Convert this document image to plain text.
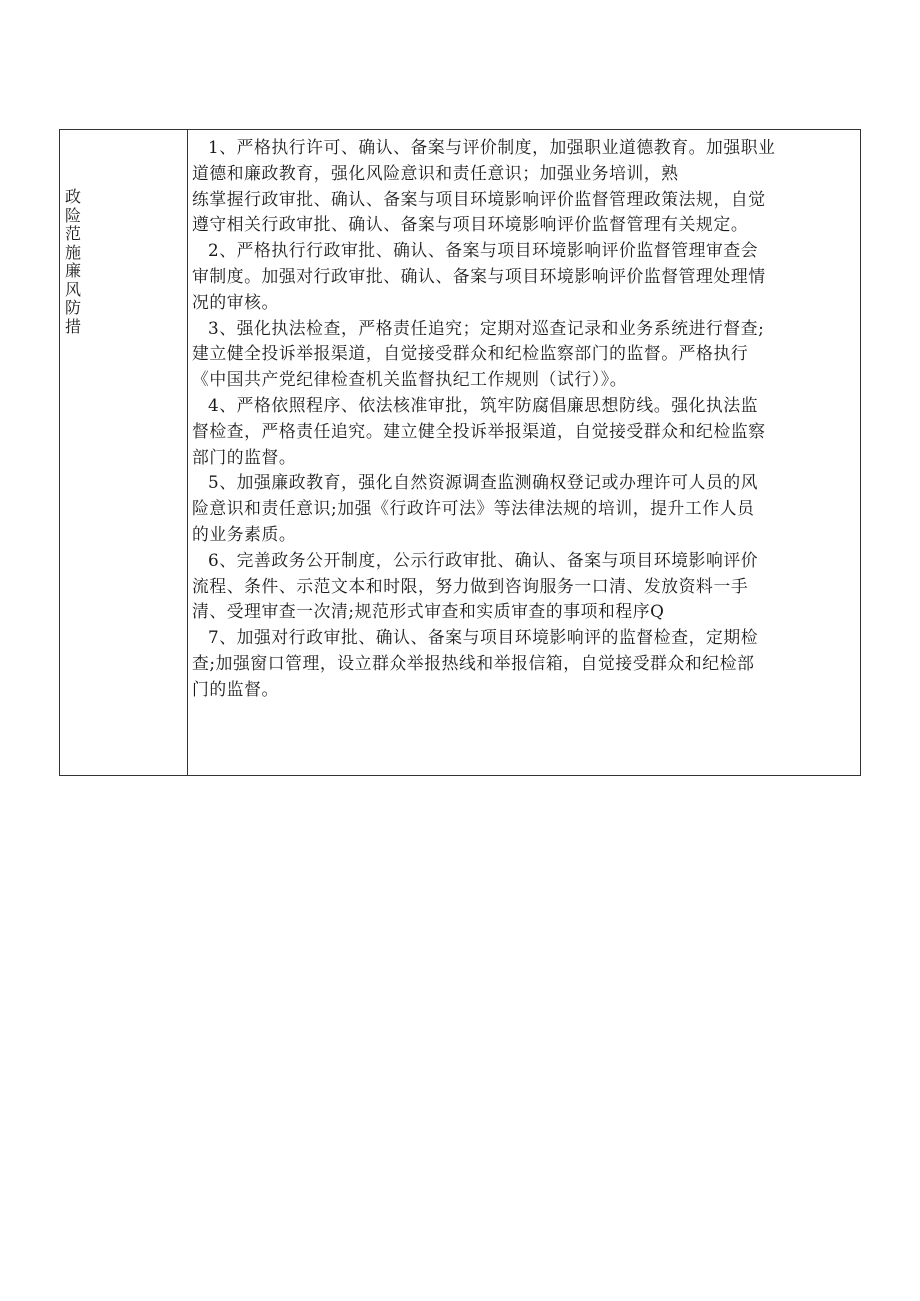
政险范施廉风防措

1、严格执行许可、确认、备案与评价制度，加强职业道德教育。加强职业
道德和廉政教育，强化风险意识和责任意识；加强业务培训，熟
练掌握行政审批、确认、备案与项目环境影响评价监督管理政策法规，自觉
遵守相关行政审批、确认、备案与项目环境影响评价监督管理有关规定。

2、严格执行行政审批、确认、备案与项目环境影响评价监督管理审查会
审制度。加强对行政审批、确认、备案与项目环境影响评价监督管理处理情
况的审核。

3、强化执法检查，严格责任追究；定期对巡查记录和业务系统进行督查;
建立健全投诉举报渠道，自觉接受群众和纪检监察部门的监督。严格执行
《中国共产党纪律检查机关监督执纪工作规则（试行）》。

4、严格依照程序、依法核准审批，筑牢防腐倡廉思想防线。强化执法监
督检查，严格责任追究。建立健全投诉举报渠道，自觉接受群众和纪检监察
部门的监督。

5、加强廉政教育，强化自然资源调查监测确权登记或办理许可人员的风
险意识和责任意识;加强《行政许可法》等法律法规的培训，提升工作人员
的业务素质。

6、完善政务公开制度，公示行政审批、确认、备案与项目环境影响评价
流程、条件、示范文本和时限，努力做到咨询服务一口清、发放资料一手
清、受理审查一次清;规范形式审查和实质审查的事项和程序Q

7、加强对行政审批、确认、备案与项目环境影响评的监督检查，定期检
查;加强窗口管理，设立群众举报热线和举报信箱，自觉接受群众和纪检部
门的监督。
